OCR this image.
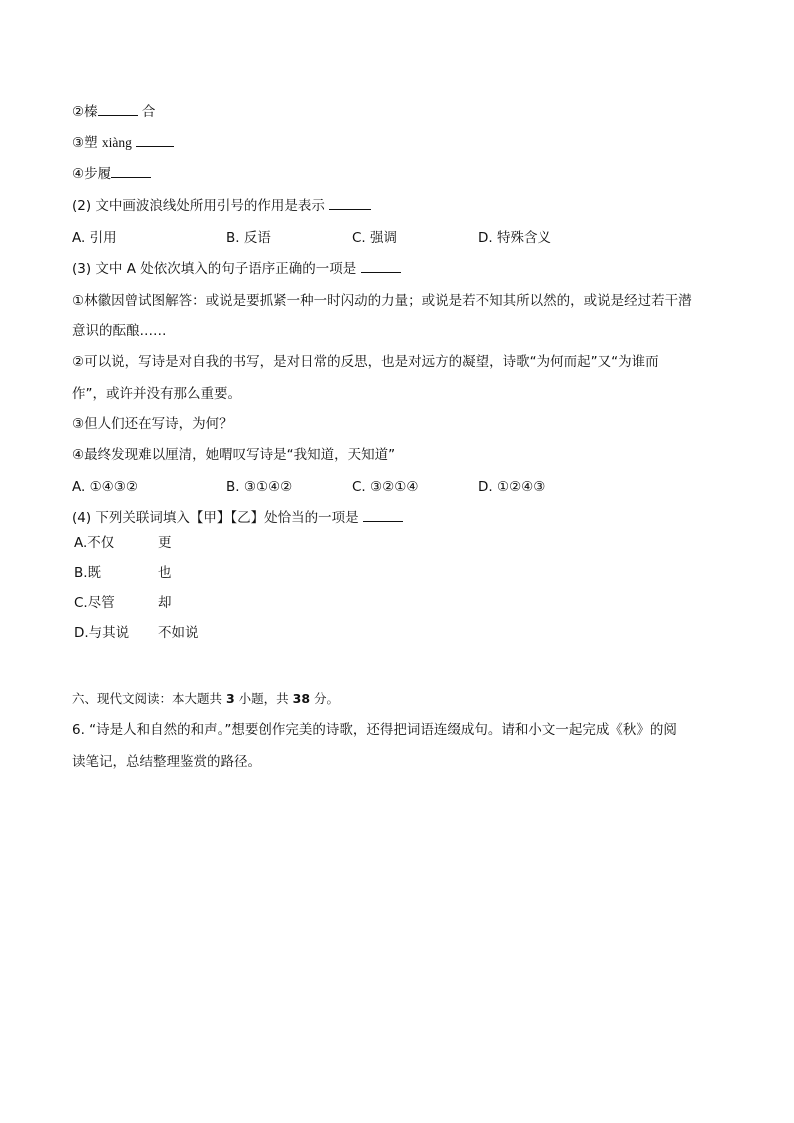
②榛	合
③塑 xiàng
④步履
(2) 文中画波浪线处所用引号的作用是表示
A. 引用	B. 反语	C. 强调	D. 特殊含义
(3) 文中 A 处依次填入的句子语序正确的一项是
①林徽因曾试图解答：或说是要抓紧一种一时闪动的力量；或说是若不知其所以然的，或说是经过若干潜
意识的酝酿……
②可以说，写诗是对自我的书写，是对日常的反思，也是对远方的凝望，诗歌“为何而起”又“为谁而
作”，或许并没有那么重要。
③但人们还在写诗，为何？
④最终发现难以厘清，她喟叹写诗是“我知道，天知道”
A. ①④③②	B. ③①④②	C. ③②①④	D. ①②④③
(4) 下列关联词填入【甲】【乙】处恰当的一项是
A.不仅	更
B.既	也
C.尽管	却
D.与其说 不如说
六、现代文阅读：本大题共 3 小题，共 38 分。
6. “诗是人和自然的和声。”想要创作完美的诗歌，还得把词语连缀成句。请和小文一起完成《秋》的阅
读笔记，总结整理鉴赏的路径。
